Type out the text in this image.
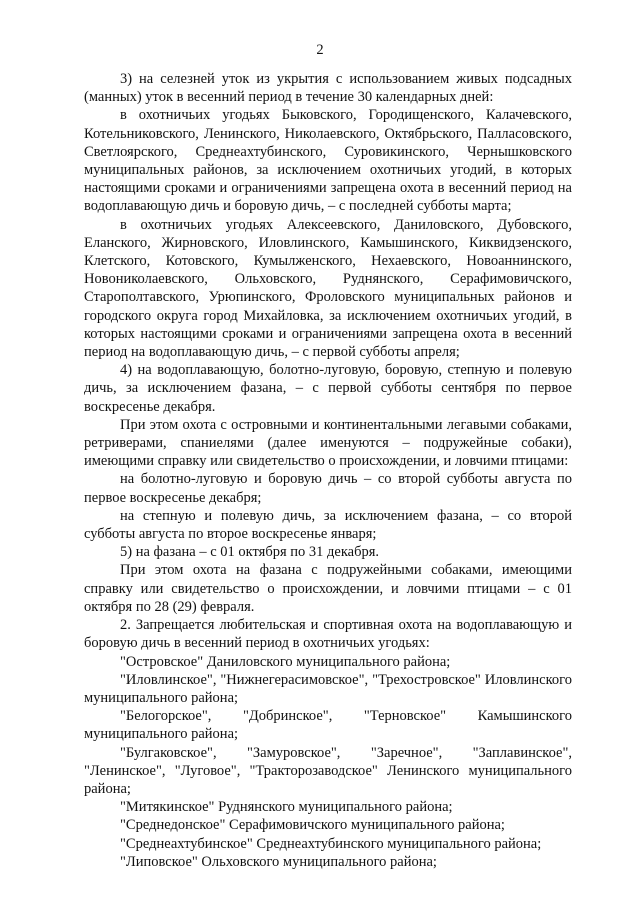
2

3) на селезней уток из укрытия с использованием живых подсадных (манных) уток в весенний период в течение 30 календарных дней:

в охотничьих угодьях Быковского, Городищенского, Калачевского, Котельниковского, Ленинского, Николаевского, Октябрьского, Палласовского, Светлоярского, Среднеахтубинского, Суровикинского, Чернышковского муниципальных районов, за исключением охотничьих угодий, в которых настоящими сроками и ограничениями запрещена охота в весенний период на водоплавающую дичь и боровую дичь, – с последней субботы марта;

в охотничьих угодьях Алексеевского, Даниловского, Дубовского, Еланского, Жирновского, Иловлинского, Камышинского, Киквидзенского, Клетского, Котовского, Кумылженского, Нехаевского, Новоаннинского, Новониколаевского, Ольховского, Руднянского, Серафимовичского, Старополтавского, Урюпинского, Фроловского муниципальных районов и городского округа город Михайловка, за исключением охотничьих угодий, в которых настоящими сроками и ограничениями запрещена охота в весенний период на водоплавающую дичь, – с первой субботы апреля;

4) на водоплавающую, болотно-луговую, боровую, степную и полевую дичь, за исключением фазана, – с первой субботы сентября по первое воскресенье декабря.

При этом охота с островными и континентальными легавыми собаками, ретриверами, спаниелями (далее именуются – подружейные собаки), имеющими справку или свидетельство о происхождении, и ловчими птицами:

на болотно-луговую и боровую дичь – со второй субботы августа по первое воскресенье декабря;

на степную и полевую дичь, за исключением фазана, – со второй субботы августа по второе воскресенье января;

5) на фазана – с 01 октября по 31 декабря.

При этом охота на фазана с подружейными собаками, имеющими справку или свидетельство о происхождении, и ловчими птицами – с 01 октября по 28 (29) февраля.

2. Запрещается любительская и спортивная охота на водоплавающую и боровую дичь в весенний период в охотничьих угодьях:

"Островское" Даниловского муниципального района;

"Иловлинское", "Нижнегерасимовское", "Трехостровское" Иловлинского муниципального района;

"Белогорское", "Добринское", "Терновское" Камышинского муниципального района;

"Булгаковское", "Замуровское", "Заречное", "Заплавинское", "Ленинское", "Луговое", "Тракторозаводское" Ленинского муниципального района;

"Митякинское" Руднянского муниципального района;

"Среднедонское" Серафимовичского муниципального района;

"Среднеахтубинское" Среднеахтубинского муниципального района;

"Липовское" Ольховского муниципального района;
